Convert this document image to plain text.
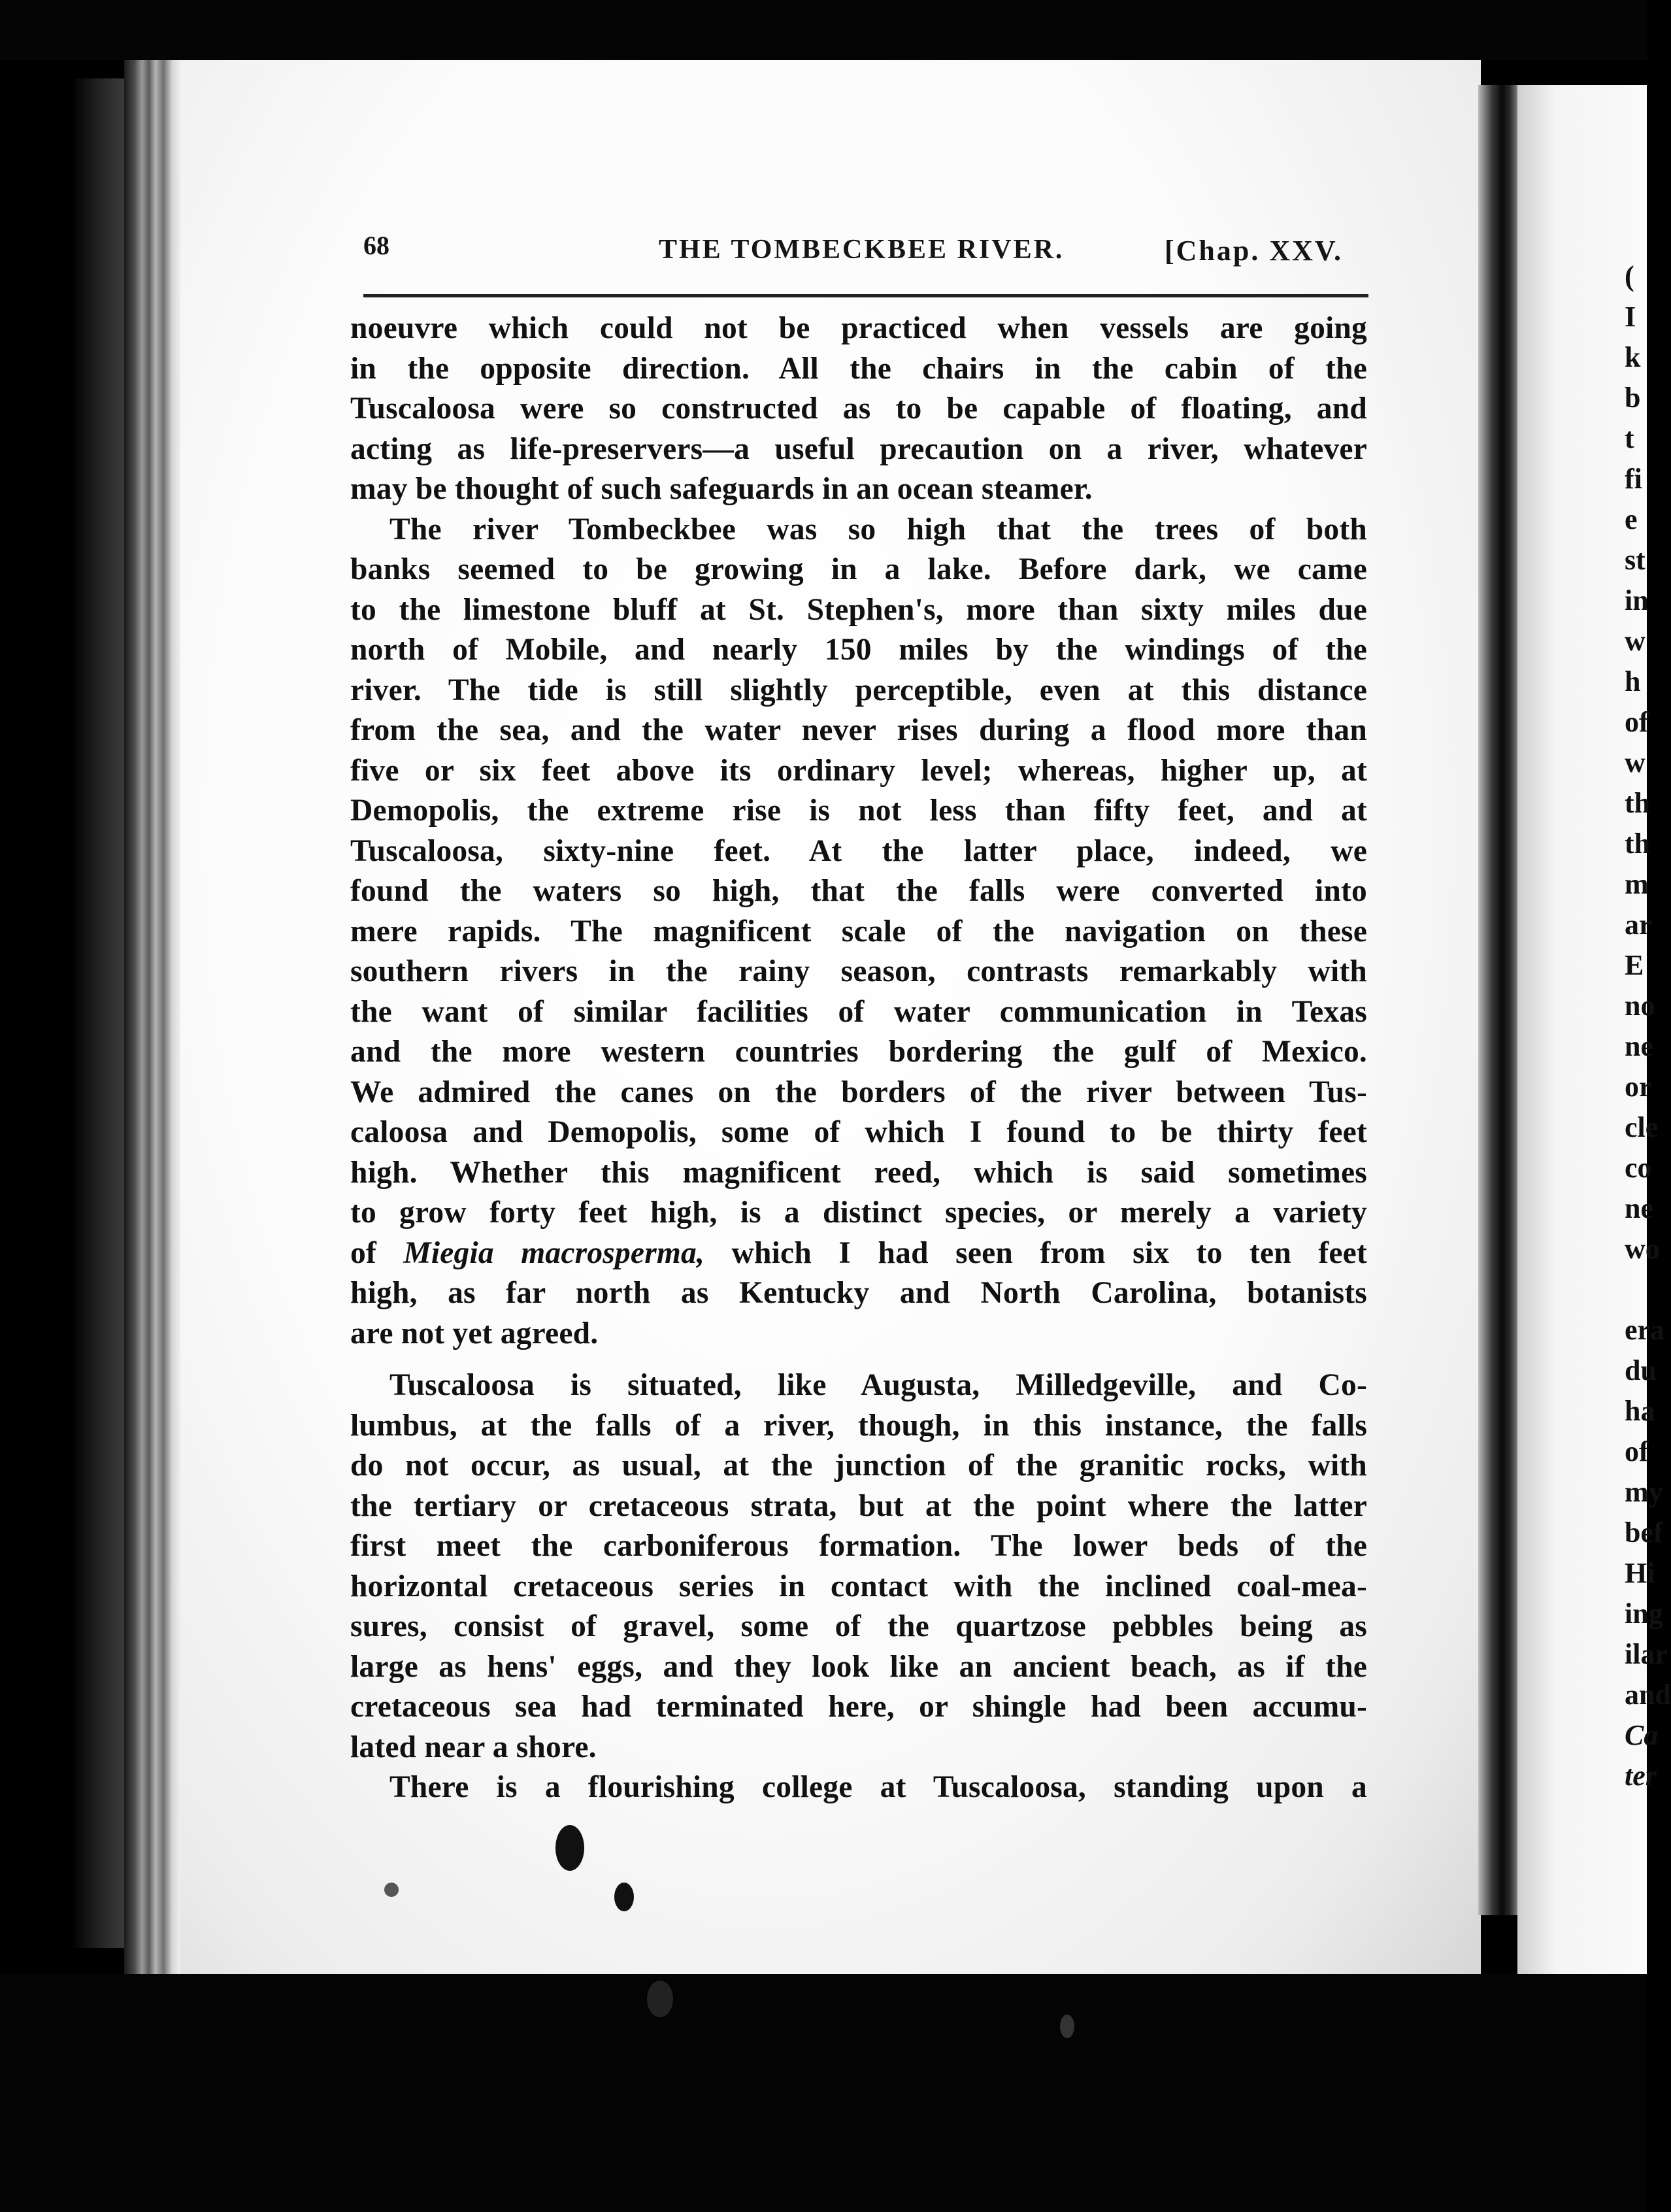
68	THE TOMBECKBEE RIVER.	[Chap. XXV.
noeuvre which could not be practiced when vessels are going
in the opposite direction. All the chairs in the cabin of the
Tuscaloosa were so constructed as to be capable of floating, and
acting as life-preservers—a useful precaution on a river, whatever
may be thought of such safeguards in an ocean steamer.
The river Tombeckbee was so high that the trees of both
banks seemed to be growing in a lake. Before dark, we came
to the limestone bluff at St. Stephen's, more than sixty miles due
north of Mobile, and nearly 150 miles by the windings of the
river. The tide is still slightly perceptible, even at this distance
from the sea, and the water never rises during a flood more than
five or six feet above its ordinary level; whereas, higher up, at
Demopolis, the extreme rise is not less than fifty feet, and at
Tuscaloosa, sixty-nine feet. At the latter place, indeed, we
found the waters so high, that the falls were converted into
mere rapids. The magnificent scale of the navigation on these
southern rivers in the rainy season, contrasts remarkably with
the want of similar facilities of water communication in Texas
and the more western countries bordering the gulf of Mexico.
We admired the canes on the borders of the river between Tus-
caloosa and Demopolis, some of which I found to be thirty feet
high. Whether this magnificent reed, which is said sometimes
to grow forty feet high, is a distinct species, or merely a variety
of Miegia macrosperma, which I had seen from six to ten feet
high, as far north as Kentucky and North Carolina, botanists
are not yet agreed.
Tuscaloosa is situated, like Augusta, Milledgeville, and Co-
lumbus, at the falls of a river, though, in this instance, the falls
do not occur, as usual, at the junction of the granitic rocks, with
the tertiary or cretaceous strata, but at the point where the latter
first meet the carboniferous formation. The lower beds of the
horizontal cretaceous series in contact with the inclined coal-mea-
sures, consist of gravel, some of the quartzose pebbles being as
large as hens' eggs, and they look like an ancient beach, as if the
cretaceous sea had terminated here, or shingle had been accumu-
lated near a shore.
There is a flourishing college at Tuscaloosa, standing upon a
(
I
k
b
t
fi
e
st
in
w
h
of
w
th
th
m
ar
E
no
ne
or
cle
co
ne
wo
era
du
ha
of
my
bef
Hi
ing
ilar
and
Ca
ter
